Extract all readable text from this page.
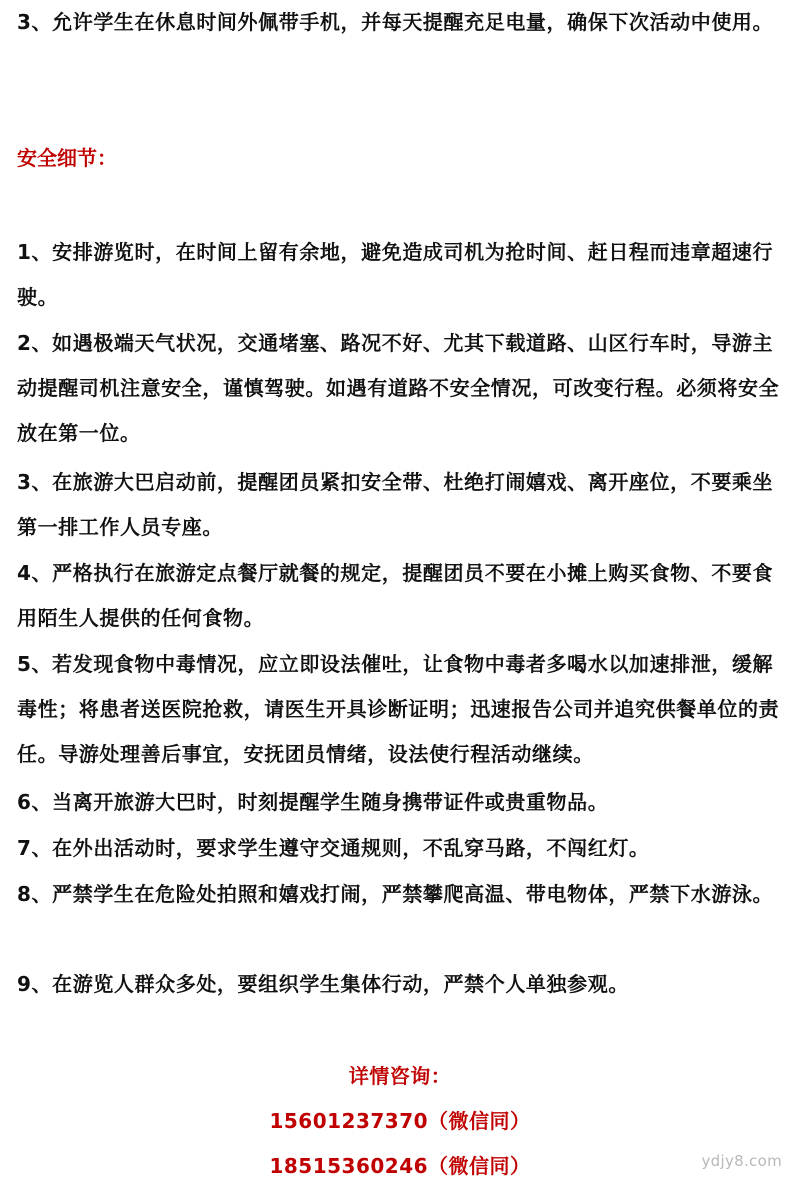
3、允许学生在休息时间外佩带手机，并每天提醒充足电量，确保下次活动中使用。

安全细节：

1、安排游览时，在时间上留有余地，避免造成司机为抢时间、赶日程而违章超速行驶。

2、如遇极端天气状况，交通堵塞、路况不好、尤其下载道路、山区行车时，导游主动提醒司机注意安全，谨慎驾驶。如遇有道路不安全情况，可改变行程。必须将安全放在第一位。

3、在旅游大巴启动前，提醒团员紧扣安全带、杜绝打闹嬉戏、离开座位，不要乘坐第一排工作人员专座。

4、严格执行在旅游定点餐厅就餐的规定，提醒团员不要在小摊上购买食物、不要食用陌生人提供的任何食物。

5、若发现食物中毒情况，应立即设法催吐，让食物中毒者多喝水以加速排泄，缓解毒性；将患者送医院抢救，请医生开具诊断证明；迅速报告公司并追究供餐单位的责任。导游处理善后事宜，安抚团员情绪，设法使行程活动继续。

6、当离开旅游大巴时，时刻提醒学生随身携带证件或贵重物品。

7、在外出活动时，要求学生遵守交通规则，不乱穿马路，不闯红灯。

8、严禁学生在危险处拍照和嬉戏打闹，严禁攀爬高温、带电物体，严禁下水游泳。

9、在游览人群众多处，要组织学生集体行动，严禁个人单独参观。

详情咨询：
15601237370（微信同）
18515360246（微信同）	ydjy8.com
